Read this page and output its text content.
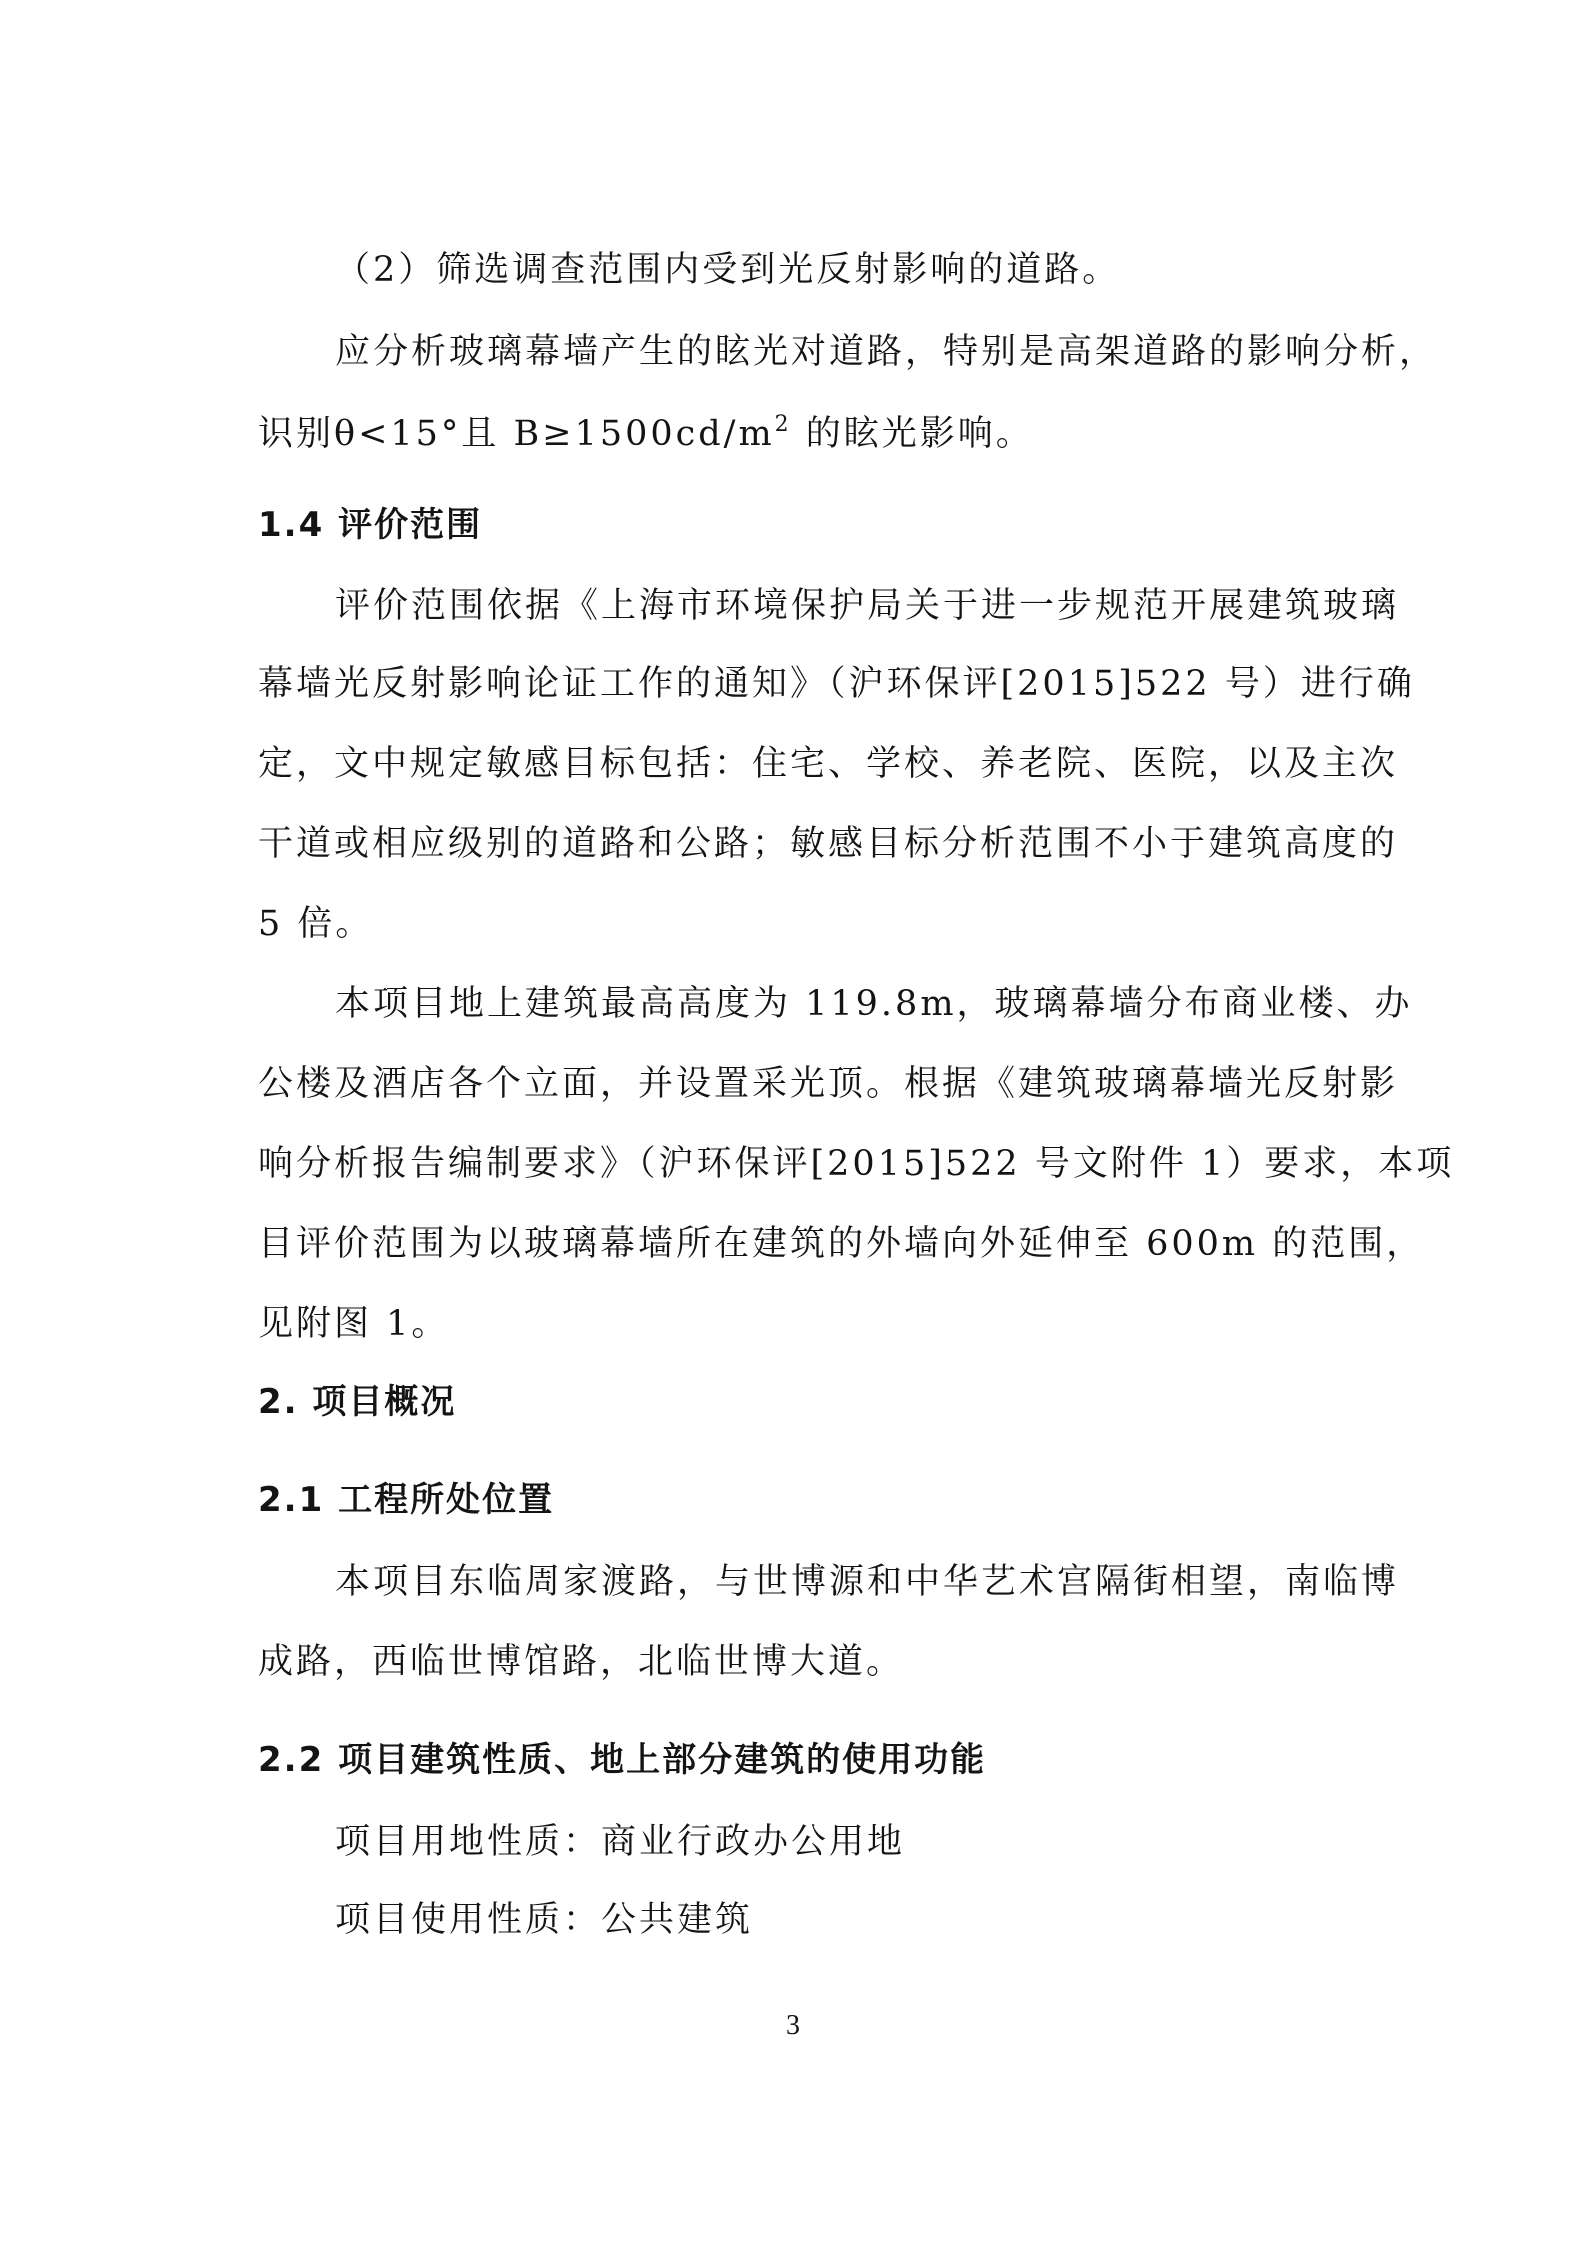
（2）筛选调查范围内受到光反射影响的道路。
应分析玻璃幕墙产生的眩光对道路，特别是高架道路的影响分析，
识别θ<15°且 $B\ge 1500cd/m^2$ 的眩光影响。
1.4 评价范围
评价范围依据《上海市环境保护局关于进一步规范开展建筑玻璃
幕墙光反射影响论证工作的通知》（沪环保评[2015]522 号）进行确
定，文中规定敏感目标包括：住宅、学校、养老院、医院，以及主次
干道或相应级别的道路和公路；敏感目标分析范围不小于建筑高度的
5 倍。
本项目地上建筑最高高度为 119.8m，玻璃幕墙分布商业楼、办
公楼及酒店各个立面，并设置采光顶。根据《建筑玻璃幕墙光反射影
响分析报告编制要求》（沪环保评[2015]522 号文附件 1）要求，本项
目评价范围为以玻璃幕墙所在建筑的外墙向外延伸至 600m 的范围，
见附图 1。
2. 项目概况
2.1 工程所处位置
本项目东临周家渡路，与世博源和中华艺术宫隔街相望，南临博
成路，西临世博馆路，北临世博大道。
2.2 项目建筑性质、地上部分建筑的使用功能
项目用地性质：商业行政办公用地
项目使用性质：公共建筑
3
